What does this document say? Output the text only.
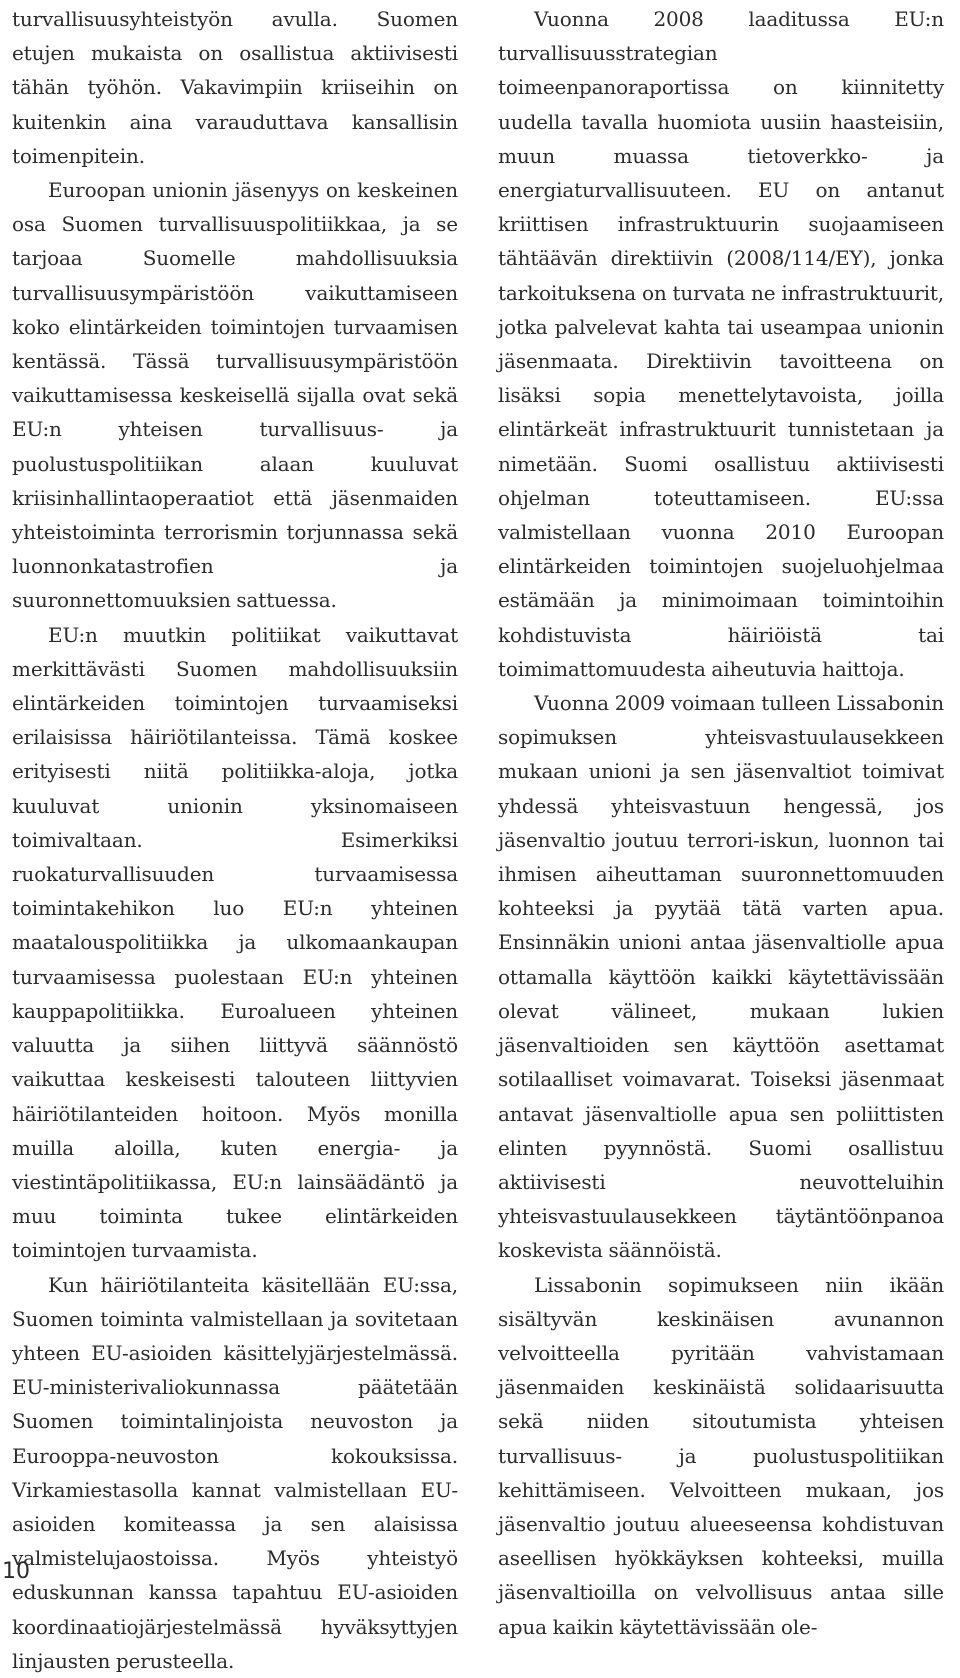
turvallisuusyhteistyön avulla. Suomen etujen mukaista on osallistua aktiivisesti tähän työhön. Vakavimpiin kriiseihin on kuitenkin aina varauduttava kansallisin toimenpitein.

Euroopan unionin jäsenyys on keskeinen osa Suomen turvallisuuspolitiikkaa, ja se tarjoaa Suomelle mahdollisuuksia turvallisuusympäristöön vaikuttamiseen koko elintärkeiden toimintojen turvaamisen kentässä. Tässä turvallisuusympäristöön vaikuttamisessa keskeisellä sijalla ovat sekä EU:n yhteisen turvallisuus- ja puolustuspolitiikan alaan kuuluvat kriisinhallintaoperaatiot että jäsenmaiden yhteistoiminta terrorismin torjunnassa sekä luonnonkatastrofien ja suuronnettomuuksien sattuessa.

EU:n muutkin politiikat vaikuttavat merkittävästi Suomen mahdollisuuksiin elintärkeiden toimintojen turvaamiseksi erilaisissa häiriötilanteissa. Tämä koskee erityisesti niitä politiikka-aloja, jotka kuuluvat unionin yksinomaiseen toimivaltaan. Esimerkiksi ruokaturvallisuuden turvaamisessa toimintakehikon luo EU:n yhteinen maatalouspolitiikka ja ulkomaankaupan turvaamisessa puolestaan EU:n yhteinen kauppapolitiikka. Euroalueen yhteinen valuutta ja siihen liittyvä säännöstö vaikuttaa keskeisesti talouteen liittyvien häiriötilanteiden hoitoon. Myös monilla muilla aloilla, kuten energia- ja viestintäpolitiikassa, EU:n lainsäädäntö ja muu toiminta tukee elintärkeiden toimintojen turvaamista.

Kun häiriötilanteita käsitellään EU:ssa, Suomen toiminta valmistellaan ja sovitetaan yhteen EU-asioiden käsittelyjärjestelmässä. EU-ministerivaliokunnassa päätetään Suomen toimintalinjoista neuvoston ja Eurooppa-neuvoston kokouksissa. Virkamiestasolla kannat valmistellaan EU-asioiden komiteassa ja sen alaisissa valmistelujaostoissa. Myös yhteistyö eduskunnan kanssa tapahtuu EU-asioiden koordinaatiojärjestelmässä hyväksyttyjen linjausten perusteella.

Vuonna 2008 laaditussa EU:n turvallisuusstrategian toimeenpanoraportissa on kiinnitetty uudella tavalla huomiota uusiin haasteisiin, muun muassa tietoverkko- ja energiaturvallisuuteen. EU on antanut kriittisen infrastruktuurin suojaamiseen tähtäävän direktiivin (2008/114/EY), jonka tarkoituksena on turvata ne infrastruktuurit, jotka palvelevat kahta tai useampaa unionin jäsenmaata. Direktiivin tavoitteena on lisäksi sopia menettelytavoista, joilla elintärkeät infrastruktuurit tunnistetaan ja nimetään. Suomi osallistuu aktiivisesti ohjelman toteuttamiseen. EU:ssa valmistellaan vuonna 2010 Euroopan elintärkeiden toimintojen suojeluohjelmaa estämään ja minimoimaan toimintoihin kohdistuvista häiriöistä tai toimimattomuudesta aiheutuvia haittoja.

Vuonna 2009 voimaan tulleen Lissabonin sopimuksen yhteisvastuulausekkeen mukaan unioni ja sen jäsenvaltiot toimivat yhdessä yhteisvastuun hengessä, jos jäsenvaltio joutuu terrori-iskun, luonnon tai ihmisen aiheuttaman suuronnettomuuden kohteeksi ja pyytää tätä varten apua. Ensinnäkin unioni antaa jäsenvaltiolle apua ottamalla käyttöön kaikki käytettävissään olevat välineet, mukaan lukien jäsenvaltioiden sen käyttöön asettamat sotilaalliset voimavarat. Toiseksi jäsenmaat antavat jäsenvaltiolle apua sen poliittisten elinten pyynnöstä. Suomi osallistuu aktiivisesti neuvotteluihin yhteisvastuulausekkeen täytäntöönpanoa koskevista säännöistä.

Lissabonin sopimukseen niin ikään sisältyvän keskinäisen avunannon velvoitteella pyritään vahvistamaan jäsenmaiden keskinäistä solidaarisuutta sekä niiden sitoutumista yhteisen turvallisuus- ja puolustuspolitiikan kehittämiseen. Velvoitteen mukaan, jos jäsenvaltio joutuu alueeseensa kohdistuvan aseellisen hyökkäyksen kohteeksi, muilla jäsenvaltioilla on velvollisuus antaa sille apua kaikin käytettävissään ole-

10
